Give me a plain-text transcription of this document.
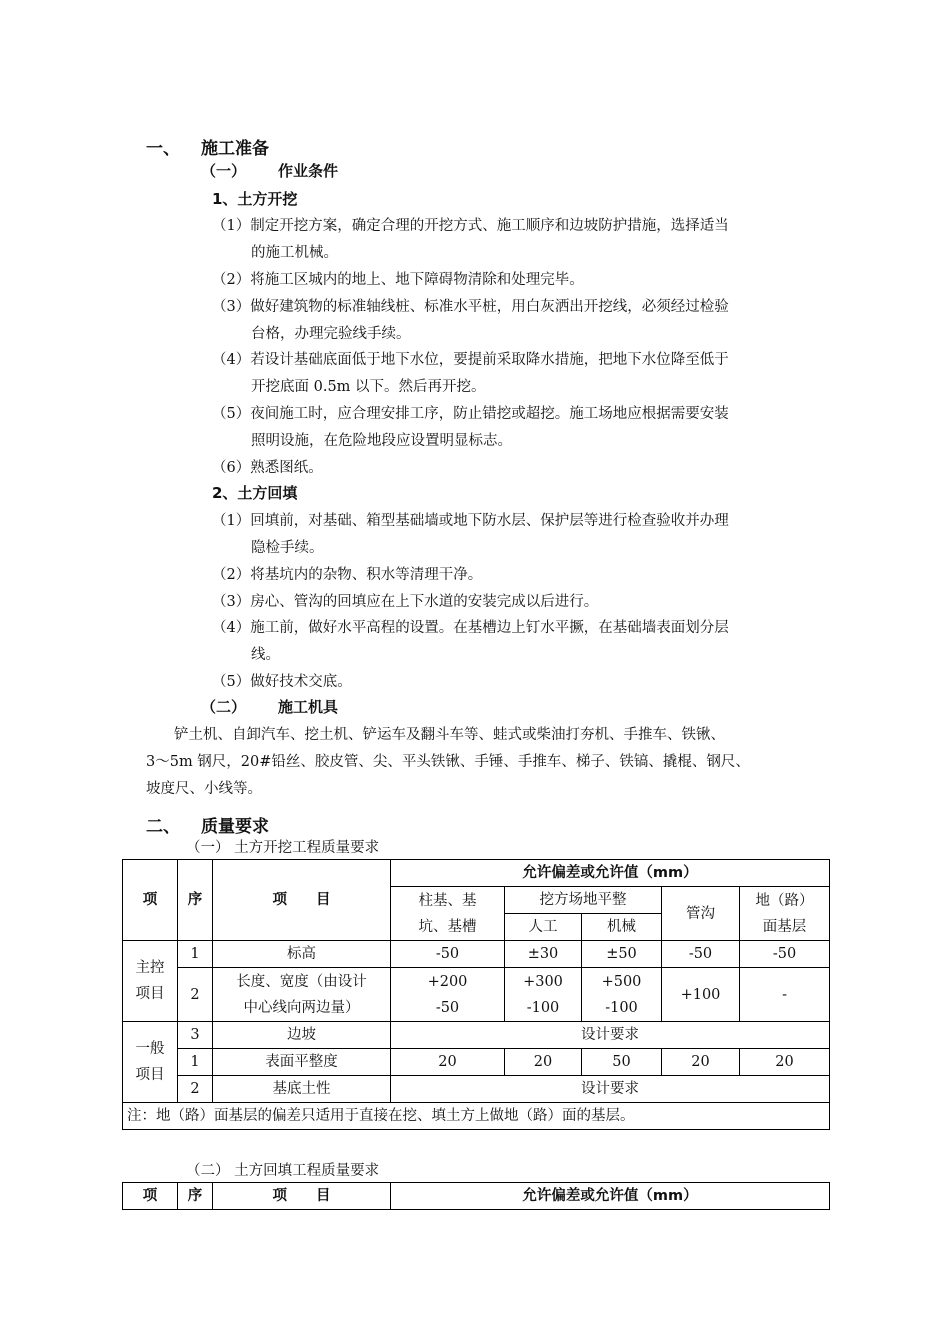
一、 施工准备
（一） 作业条件
1、土方开挖
（1）制定开挖方案，确定合理的开挖方式、施工顺序和边坡防护措施，选择适当
的施工机械。
（2）将施工区城内的地上、地下障碍物清除和处理完毕。
（3）做好建筑物的标准轴线桩、标准水平桩，用白灰洒出开挖线，必须经过检验
台格，办理完验线手续。
（4）若设计基础底面低于地下水位，要提前采取降水措施，把地下水位降至低于
开挖底面 0.5m 以下。然后再开挖。
（5）夜间施工时，应合理安排工序，防止错挖或超挖。施工场地应根据需要安装
照明设施，在危险地段应设置明显标志。
（6）熟悉图纸。
2、土方回填
（1）回填前，对基础、箱型基础墙或地下防水层、保护层等进行检查验收并办理
隐检手续。
（2）将基坑内的杂物、积水等清理干净。
（3）房心、管沟的回填应在上下水道的安装完成以后进行。
（4）施工前，做好水平高程的设置。在基槽边上钉水平撅，在基础墙表面划分层
线。
（5）做好技术交底。
（二） 施工机具
铲土机、自卸汽车、挖土机、铲运车及翻斗车等、蛙式或柴油打夯机、手推车、铁锹、
3～5m 钢尺，20#铅丝、胶皮管、尖、平头铁锹、手锤、手推车、梯子、铁镐、撬棍、钢尺、
坡度尺、小线等。
二、 质量要求
（一） 土方开挖工程质量要求
项	序	项　　目	允许偏差或允许值（mm）				
			柱基、基
坑、基槽	挖方场地平整		管沟	地（路）
面基层
				人工	机械		
主控
项目	1	标高	-50	±30	±50	-50	-50
	2	长度、宽度（由设计
中心线向两边量）	+200
-50	+300
-100	+500
-100	+100	-
一般
项目	3	边坡	设计要求				
	1	表面平整度	20	20	50	20	20
	2	基底土性	设计要求				
注：地（路）面基层的偏差只适用于直接在挖、填土方上做地（路）面的基层。							
（二） 土方回填工程质量要求
项	序	项　　目	允许偏差或允许值（mm）
